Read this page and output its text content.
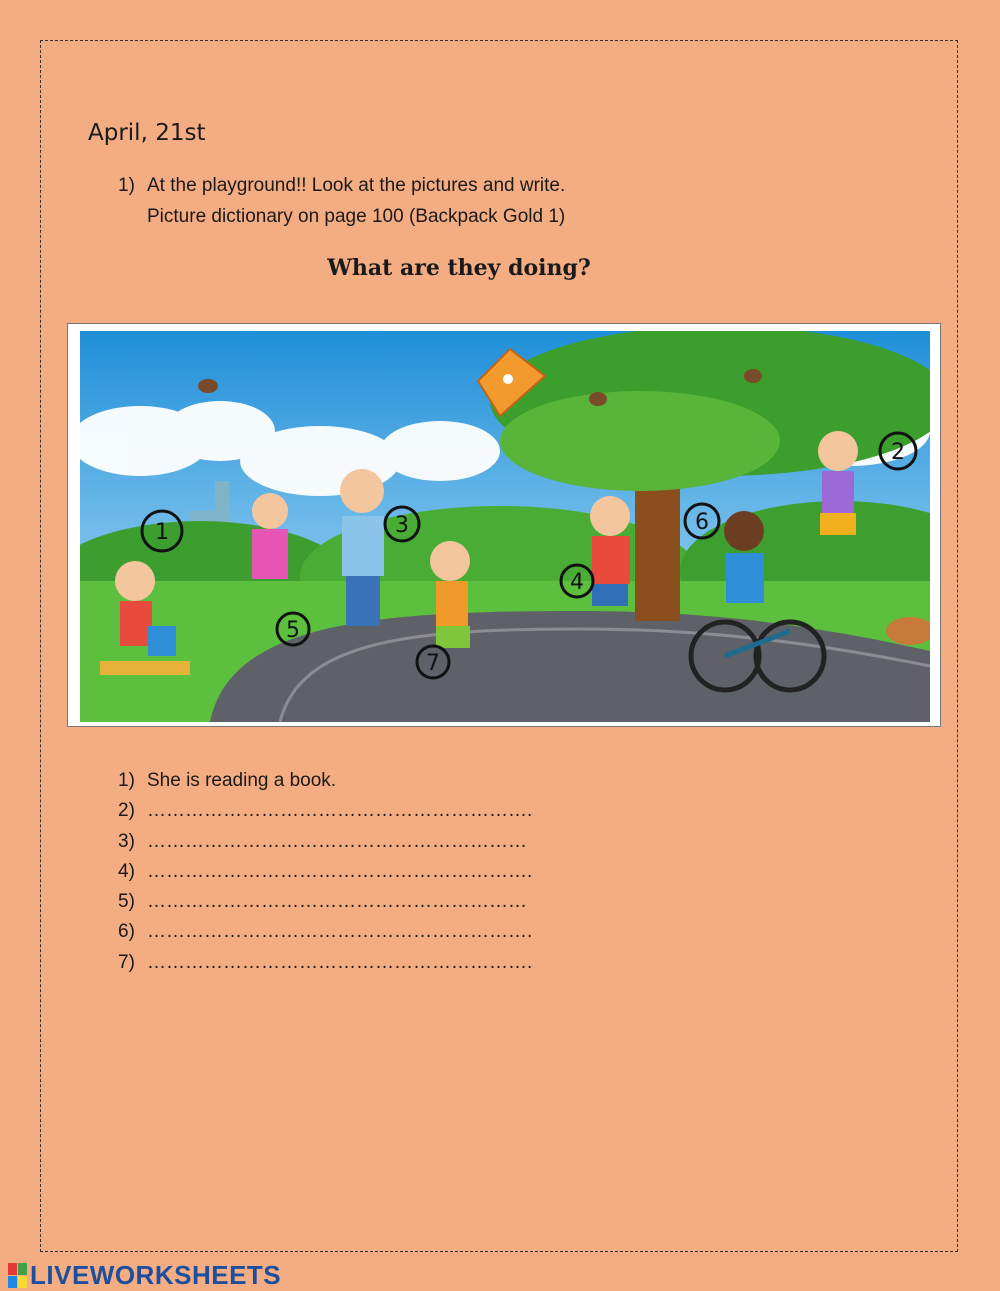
April, 21st
1) At the playground!! Look at the pictures and write.
Picture dictionary on page 100 (Backpack Gold 1)
What are they doing?
1
2
3
4
5
6
7
1) She is reading a book.
2) …………………………………………………….
3) ……………………………………………………
4) …………………………………………………….
5) ……………………………………………………
6) …………………………………………………….
7) …………………………………………………….
LIVEWORKSHEETS
